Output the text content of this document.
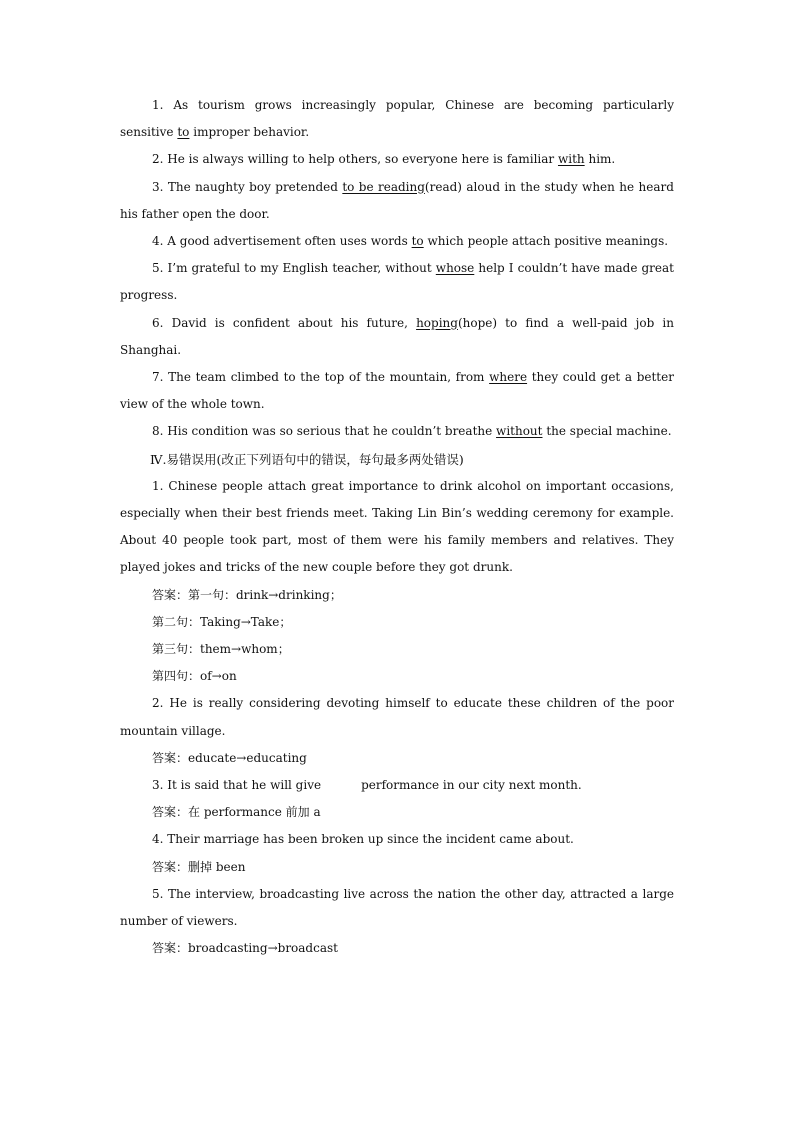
1. As tourism grows increasingly popular, Chinese are becoming particularly sensitive to improper behavior.

2. He is always willing to help others, so everyone here is familiar with him.

3. The naughty boy pretended to be reading(read) aloud in the study when he heard his father open the door.

4. A good advertisement often uses words to which people attach positive meanings.

5. I’m grateful to my English teacher, without whose help I couldn’t have made great progress.

6. David is confident about his future, hoping(hope) to find a well-paid job in Shanghai.

7. The team climbed to the top of the mountain, from where they could get a better view of the whole town.

8. His condition was so serious that he couldn’t breathe without the special machine.

Ⅳ.易错误用(改正下列语句中的错误，每句最多两处错误)

1. Chinese people attach great importance to drink alcohol on important occasions, especially when their best friends meet. Taking Lin Bin’s wedding ceremony for example. About 40 people took part, most of them were his family members and relatives. They played jokes and tricks of the new couple before they got drunk.

答案：第一句：drink→drinking；

第二句：Taking→Take；

第三句：them→whom；

第四句：of→on

2. He is really considering devoting himself to educate these children of the poor mountain village.

答案：educate→educating

3. It is said that he will give	performance in our city next month.

答案：在 performance 前加 a

4. Their marriage has been broken up since the incident came about.

答案：删掉 been

5. The interview, broadcasting live across the nation the other day, attracted a large number of viewers.

答案：broadcasting→broadcast
